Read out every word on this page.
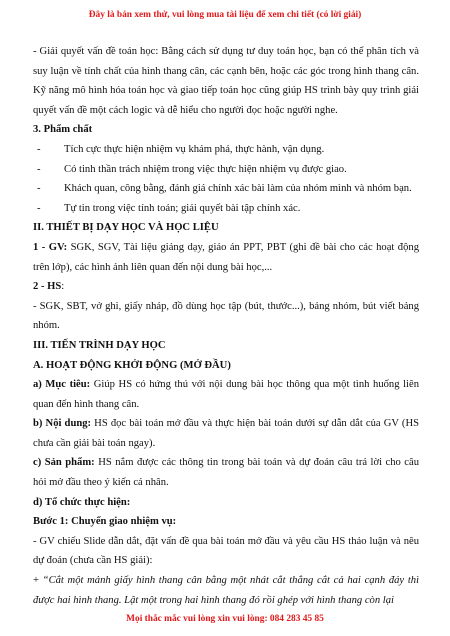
Đây là bản xem thử, vui lòng mua tài liệu để xem chi tiết (có lời giải)

- Giải quyết vấn đề toán học: Bằng cách sử dụng tư duy toán học, bạn có thể phân tích và suy luận về tính chất của hình thang cân, các cạnh bên, hoặc các góc trong hình thang cân. Kỹ năng mô hình hóa toán học và giao tiếp toán học cũng giúp HS trình bày quy trình giải quyết vấn đề một cách logic và dễ hiểu cho người đọc hoặc người nghe.

3. Phẩm chất

- Tích cực thực hiện nhiệm vụ khám phá, thực hành, vận dụng.

- Có tinh thần trách nhiệm trong việc thực hiện nhiệm vụ được giao.

- Khách quan, công bằng, đánh giá chính xác bài làm của nhóm mình và nhóm bạn.

- Tự tin trong việc tính toán; giải quyết bài tập chính xác.

II. THIẾT BỊ DẠY HỌC VÀ HỌC LIỆU

1 - GV: SGK, SGV, Tài liệu giảng dạy, giáo án PPT, PBT (ghi đề bài cho các hoạt động trên lớp), các hình ảnh liên quan đến nội dung bài học,...

2 - HS:

- SGK, SBT, vở ghi, giấy nháp, đồ dùng học tập (bút, thước...), bảng nhóm, bút viết bảng nhóm.

III. TIẾN TRÌNH DẠY HỌC

A. HOẠT ĐỘNG KHỞI ĐỘNG (MỞ ĐẦU)

a) Mục tiêu: Giúp HS có hứng thú với nội dung bài học thông qua một tình huống liên quan đến hình thang cân.

b) Nội dung: HS đọc bài toán mở đầu và thực hiện bài toán dưới sự dẫn dắt của GV (HS chưa cần giải bài toán ngay).

c) Sản phẩm: HS nắm được các thông tin trong bài toán và dự đoán câu trả lời cho câu hỏi mở đầu theo ý kiến cá nhân.

d) Tổ chức thực hiện:

Bước 1: Chuyển giao nhiệm vụ:

- GV chiếu Slide dẫn dắt, đặt vấn đề qua bài toán mở đầu và yêu cầu HS thảo luận và nêu dự đoán (chưa cần HS giải):

+ “Cắt một mảnh giấy hình thang cân bằng một nhát cắt thẳng cắt cả hai cạnh đáy thì được hai hình thang. Lật một trong hai hình thang đó rồi ghép với hình thang còn lại

Mọi thắc mắc vui lòng xin vui lòng: 084 283 45 85
